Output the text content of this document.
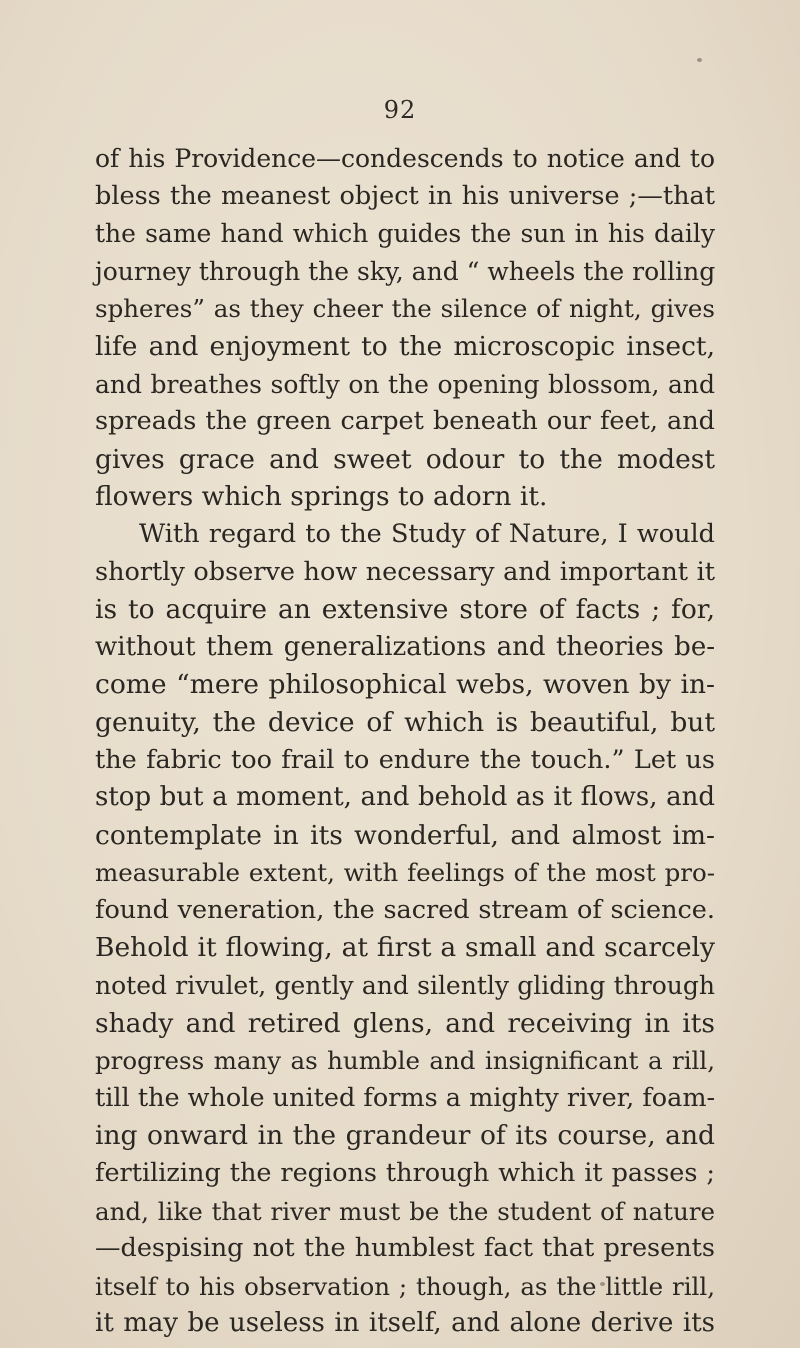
92
of his Providence—condescends to notice and to
bless the meanest object in his universe ;—that
the same hand which guides the sun in his daily
journey through the sky, and “ wheels the rolling
spheres” as they cheer the silence of night, gives
life and enjoyment to the microscopic insect,
and breathes softly on the opening blossom, and
spreads the green carpet beneath our feet, and
gives grace and sweet odour to the modest
flowers which springs to adorn it.
With regard to the Study of Nature, I would
shortly observe how necessary and important it
is to acquire an extensive store of facts ; for,
without them generalizations and theories be-
come “mere philosophical webs, woven by in-
genuity, the device of which is beautiful, but
the fabric too frail to endure the touch.” Let us
stop but a moment, and behold as it flows, and
contemplate in its wonderful, and almost im-
measurable extent, with feelings of the most pro-
found veneration, the sacred stream of science.
Behold it flowing, at first a small and scarcely
noted rivulet, gently and silently gliding through
shady and retired glens, and receiving in its
progress many as humble and insignificant a rill,
till the whole united forms a mighty river, foam-
ing onward in the grandeur of its course, and
fertilizing the regions through which it passes ;
and, like that river must be the student of nature
—despising not the humblest fact that presents
itself to his observation ; though, as the little rill,
it may be useless in itself, and alone derive its
